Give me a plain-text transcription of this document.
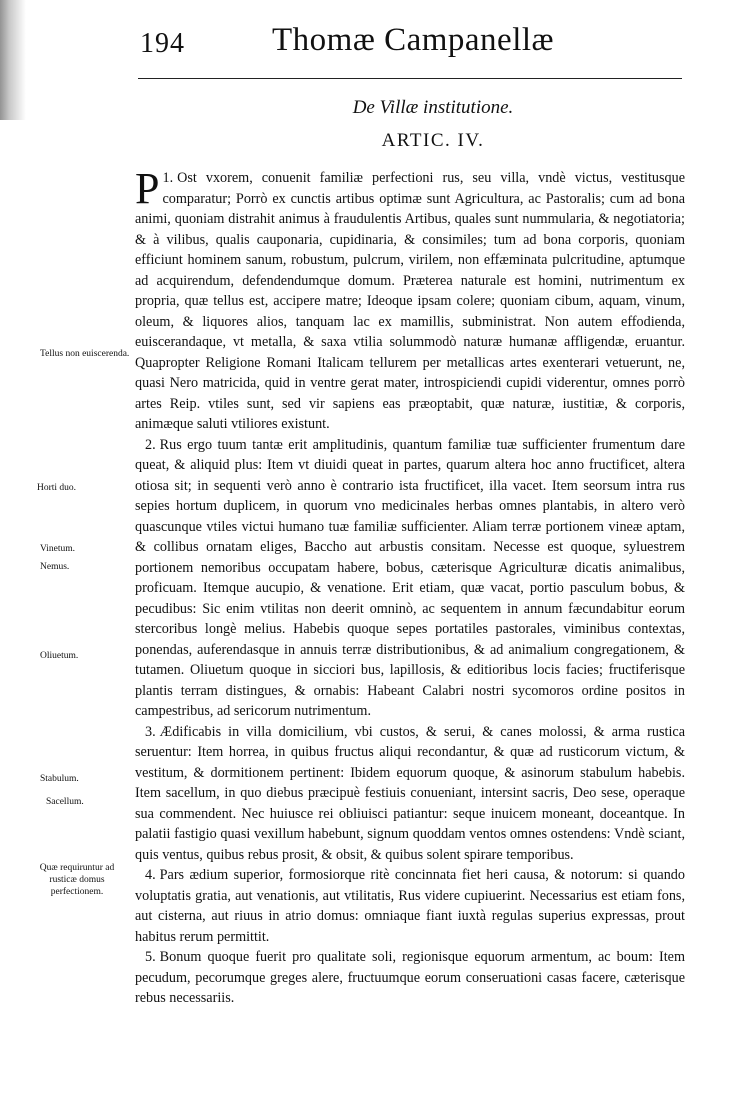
194	Thomæ Campanellæ
De Villæ institutione.
ARTIC. IV.

1.
P Ost vxorem, conuenit familiæ perfectioni rus, seu villa, vndè victus, vestitusque comparatur; Porrò ex cunctis artibus optimæ sunt Agricultura, ac Pastoralis; cum ad bona animi, quoniam distrahit animus à fraudulentis Artibus, quales sunt nummularia, & negotiatoria; & à vilibus, qualis cauponaria, cupidinaria, & consimiles; tum ad bona corporis, quoniam efficiunt hominem sanum, robustum, pulcrum, virilem, non effæminata pulcritudine, aptumque ad acquirendum, defendendumque domum. Præterea naturale est homini, nutrimentum ex propria, quæ tellus est, accipere matre; Ideoque ipsam colere; quoniam cibum, aquam, vinum, oleum, & liquores alios, tanquam lac ex mamillis, subministrat. Non autem effodienda, euiscerandaque, vt metalla, & saxa vtilia solummodò naturæ humanæ affligendæ, eruantur. Quapropter Religione Romani Italicam tellurem per metallicas artes exenterari vetuerunt, ne, quasi Nero matricida, quid in ventre gerat mater, introspiciendi cupidi viderentur, omnes porrò artes Reip. vtiles sunt, sed vir sapiens eas præoptabit, quæ naturæ, iustitiæ, & corporis, animæque saluti vtiliores existunt.

2. Rus ergo tuum tantæ erit amplitudinis, quantum familiæ tuæ sufficienter frumentum dare queat, & aliquid plus: Item vt diuidi queat in partes, quarum altera hoc anno fructificet, altera otiosa sit; in sequenti verò anno è contrario ista fructificet, illa vacet. Item seorsum intra rus sepies hortum duplicem, in quorum vno medicinales herbas omnes plantabis, in altero verò quascunque vtiles victui humano tuæ familiæ sufficienter. Aliam terræ portionem vineæ aptam, & collibus ornatam eliges, Baccho aut arbustis consitam. Necesse est quoque, syluestrem portionem nemoribus occupatam habere, bobus, cæterisque Agriculturæ dicatis animalibus, proficuam. Itemque aucupio, & venatione. Erit etiam, quæ vacat, portio pasculum bobus, & pecudibus: Sic enim vtilitas non deerit omninò, ac sequentem in annum fæcundabitur eorum stercoribus longè melius. Habebis quoque sepes portatiles pastorales, viminibus contextas, ponendas, auferendasque in annuis terræ distributionibus, & ad animalium congregationem, & tutamen. Oliuetum quoque in sicciori bus, lapillosis, & editioribus locis facies; fructiferisque plantis terram distingues, & ornabis: Habeant Calabri nostri sycomoros ordine positos in campestribus, ad sericorum nutrimentum.

3. Ædificabis in villa domicilium, vbi custos, & serui, & canes molossi, & arma rustica seruentur: Item horrea, in quibus fructus aliqui recondantur, & quæ ad rusticorum victum, & vestitum, & dormitionem pertinent: Ibidem equorum quoque, & asinorum stabulum habebis. Item sacellum, in quo diebus præcipuè festiuis conueniant, intersint sacris, Deo sese, operaque sua commendent. Nec huiusce rei obliuisci patiantur: seque inuicem moneant, doceantque. In palatii fastigio quasi vexillum habebunt, signum quoddam ventos omnes ostendens: Vndè sciant, quis ventus, quibus rebus prosit, & obsit, & quibus solent spirare temporibus.

4. Pars ædium superior, formosiorque ritè concinnata fiet heri causa, & notorum: si quando voluptatis gratia, aut venationis, aut vtilitatis, Rus videre cupiuerint. Necessarius est etiam fons, aut cisterna, aut riuus in atrio domus: omniaque fiant iuxtà regulas superius expressas, prout habitus rerum permittit.

5. Bonum quoque fuerit pro qualitate soli, regionisque equorum armentum, ac boum: Item pecudum, pecorumque greges alere, fructuumque eorum conseruationi casas facere, cæterisque rebus necessariis.

Tellus non euiscerenda.
Horti duo.
Vinetum.
Nemus.
Oliuetum.
Stabulum.
Sacellum.
Quæ requiruntur ad rusticæ domus perfectionem.
